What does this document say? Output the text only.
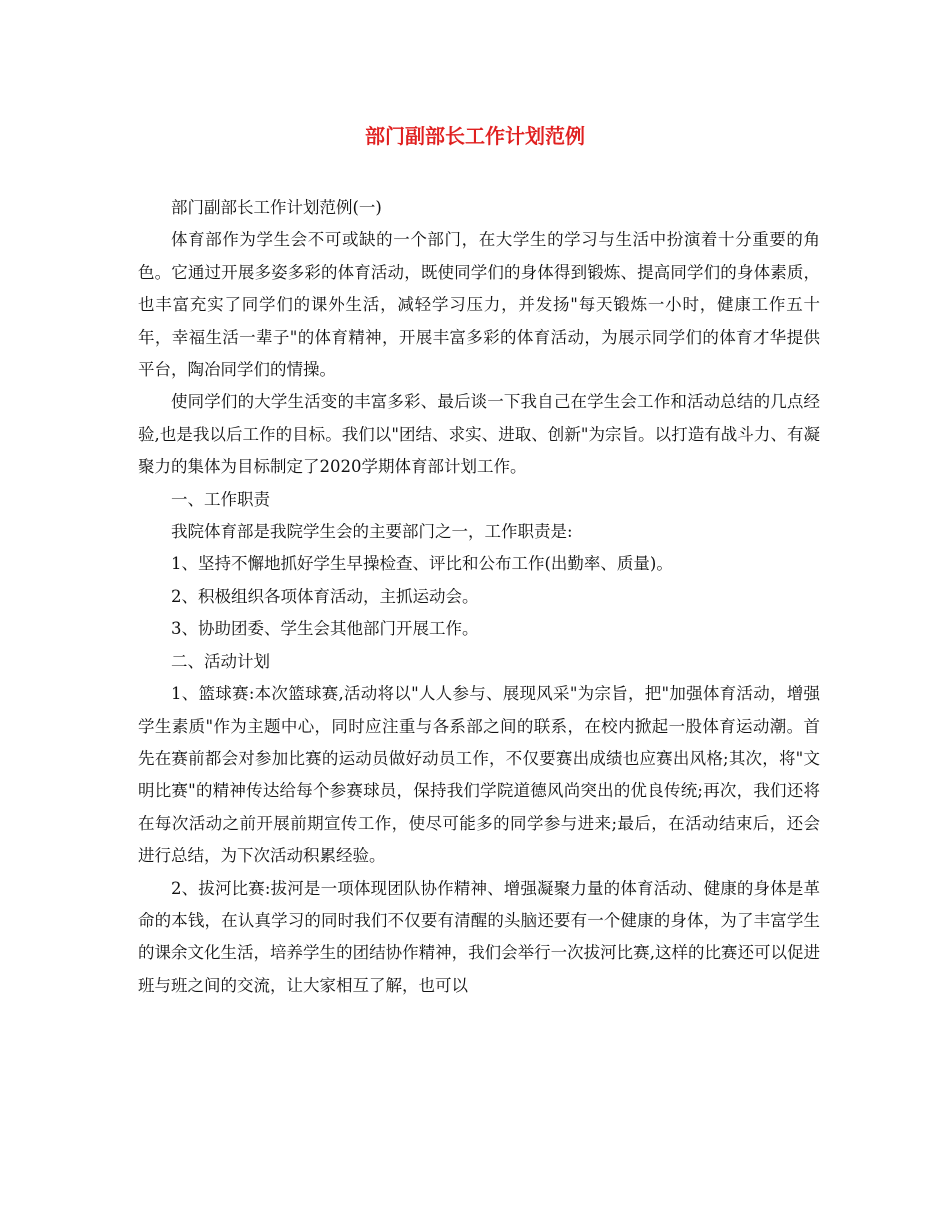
部门副部长工作计划范例

部门副部长工作计划范例(一)

体育部作为学生会不可或缺的一个部门，在大学生的学习与生活中扮演着十分重要的角色。它通过开展多姿多彩的体育活动，既使同学们的身体得到锻炼、提高同学们的身体素质，也丰富充实了同学们的课外生活，减轻学习压力，并发扬"每天锻炼一小时，健康工作五十年，幸福生活一辈子"的体育精神，开展丰富多彩的体育活动，为展示同学们的体育才华提供平台，陶冶同学们的情操。

使同学们的大学生活变的丰富多彩、最后谈一下我自己在学生会工作和活动总结的几点经验,也是我以后工作的目标。我们以"团结、求实、进取、创新"为宗旨。以打造有战斗力、有凝聚力的集体为目标制定了2020学期体育部计划工作。

一、工作职责

我院体育部是我院学生会的主要部门之一，工作职责是:

1、坚持不懈地抓好学生早操检查、评比和公布工作(出勤率、质量)。

2、积极组织各项体育活动，主抓运动会。

3、协助团委、学生会其他部门开展工作。

二、活动计划

1、篮球赛:本次篮球赛,活动将以"人人参与、展现风采"为宗旨，把"加强体育活动，增强学生素质"作为主题中心，同时应注重与各系部之间的联系，在校内掀起一股体育运动潮。首先在赛前都会对参加比赛的运动员做好动员工作，不仅要赛出成绩也应赛出风格;其次，将"文明比赛"的精神传达给每个参赛球员，保持我们学院道德风尚突出的优良传统;再次，我们还将在每次活动之前开展前期宣传工作，使尽可能多的同学参与进来;最后，在活动结束后，还会进行总结，为下次活动积累经验。

2、拔河比赛:拔河是一项体现团队协作精神、增强凝聚力量的体育活动、健康的身体是革命的本钱，在认真学习的同时我们不仅要有清醒的头脑还要有一个健康的身体，为了丰富学生的课余文化生活，培养学生的团结协作精神，我们会举行一次拔河比赛,这样的比赛还可以促进班与班之间的交流，让大家相互了解，也可以
